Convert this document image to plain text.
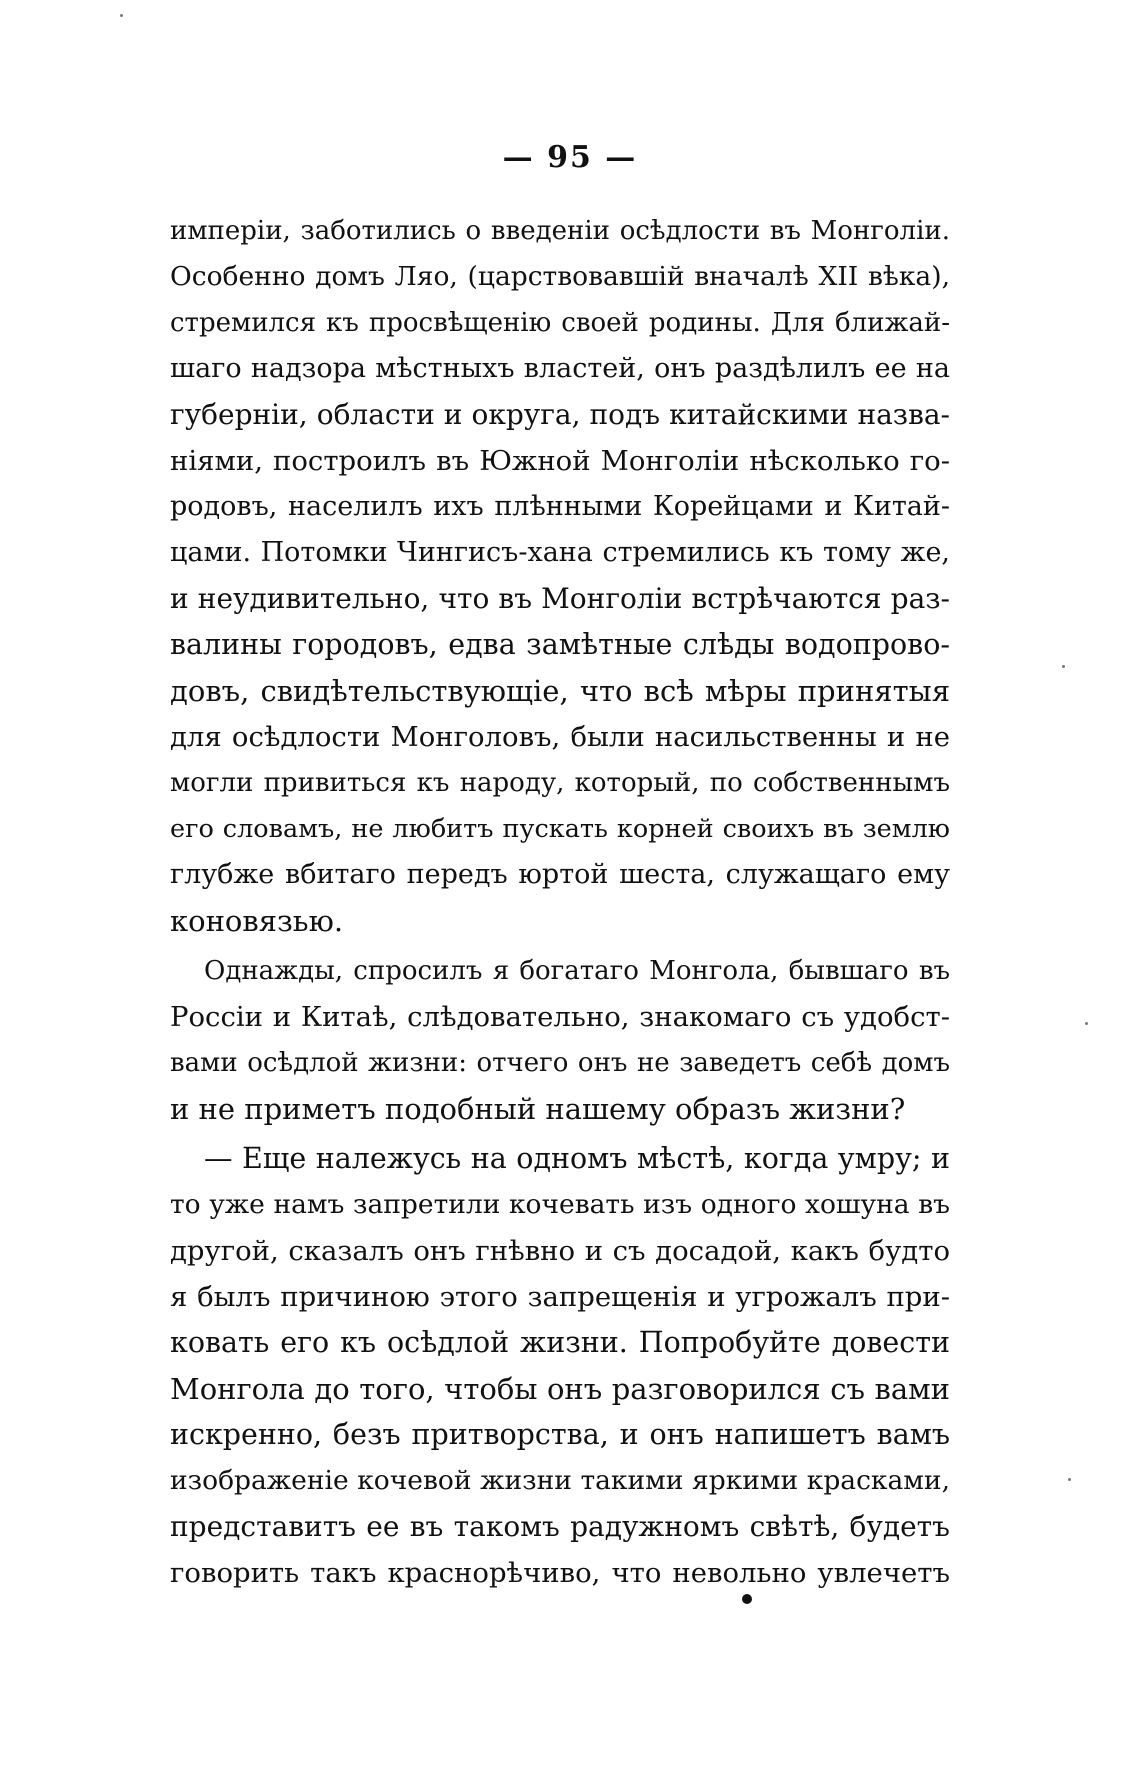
— 95 —
имперіи, заботились о введеніи осѣдлости въ Монголіи.
Особенно домъ Ляо, (царствовавшій вначалѣ XII вѣка),
стремился къ просвѣщенію своей родины. Для ближай-
шаго надзора мѣстныхъ властей, онъ раздѣлилъ ее на
губерніи, области и округа, подъ китайскими назва-
ніями, построилъ въ Южной Монголіи нѣсколько го-
родовъ, населилъ ихъ плѣнными Корейцами и Китай-
цами. Потомки Чингисъ-хана стремились къ тому же,
и неудивительно, что въ Монголіи встрѣчаются раз-
валины городовъ, едва замѣтные слѣды водопрово-
довъ, свидѣтельствующіе, что всѣ мѣры принятыя
для осѣдлости Монголовъ, были насильственны и не
могли привиться къ народу, который, по собственнымъ
его словамъ, не любитъ пускать корней своихъ въ землю
глубже вбитаго передъ юртой шеста, служащаго ему
коновязью.
Однажды, спросилъ я богатаго Монгола, бывшаго въ
Россіи и Китаѣ, слѣдовательно, знакомаго съ удобст-
вами осѣдлой жизни: отчего онъ не заведетъ себѣ домъ
и не приметъ подобный нашему образъ жизни?
— Еще належусь на одномъ мѣстѣ, когда умру; и
то уже намъ запретили кочевать изъ одного хошуна въ
другой, сказалъ онъ гнѣвно и съ досадой, какъ будто
я былъ причиною этого запрещенія и угрожалъ при-
ковать его къ осѣдлой жизни. Попробуйте довести
Монгола до того, чтобы онъ разговорился съ вами
искренно, безъ притворства, и онъ напишетъ вамъ
изображеніе кочевой жизни такими яркими красками,
представитъ ее въ такомъ радужномъ свѣтѣ, будетъ
говорить такъ краснорѣчиво, что невольно увлечетъ
